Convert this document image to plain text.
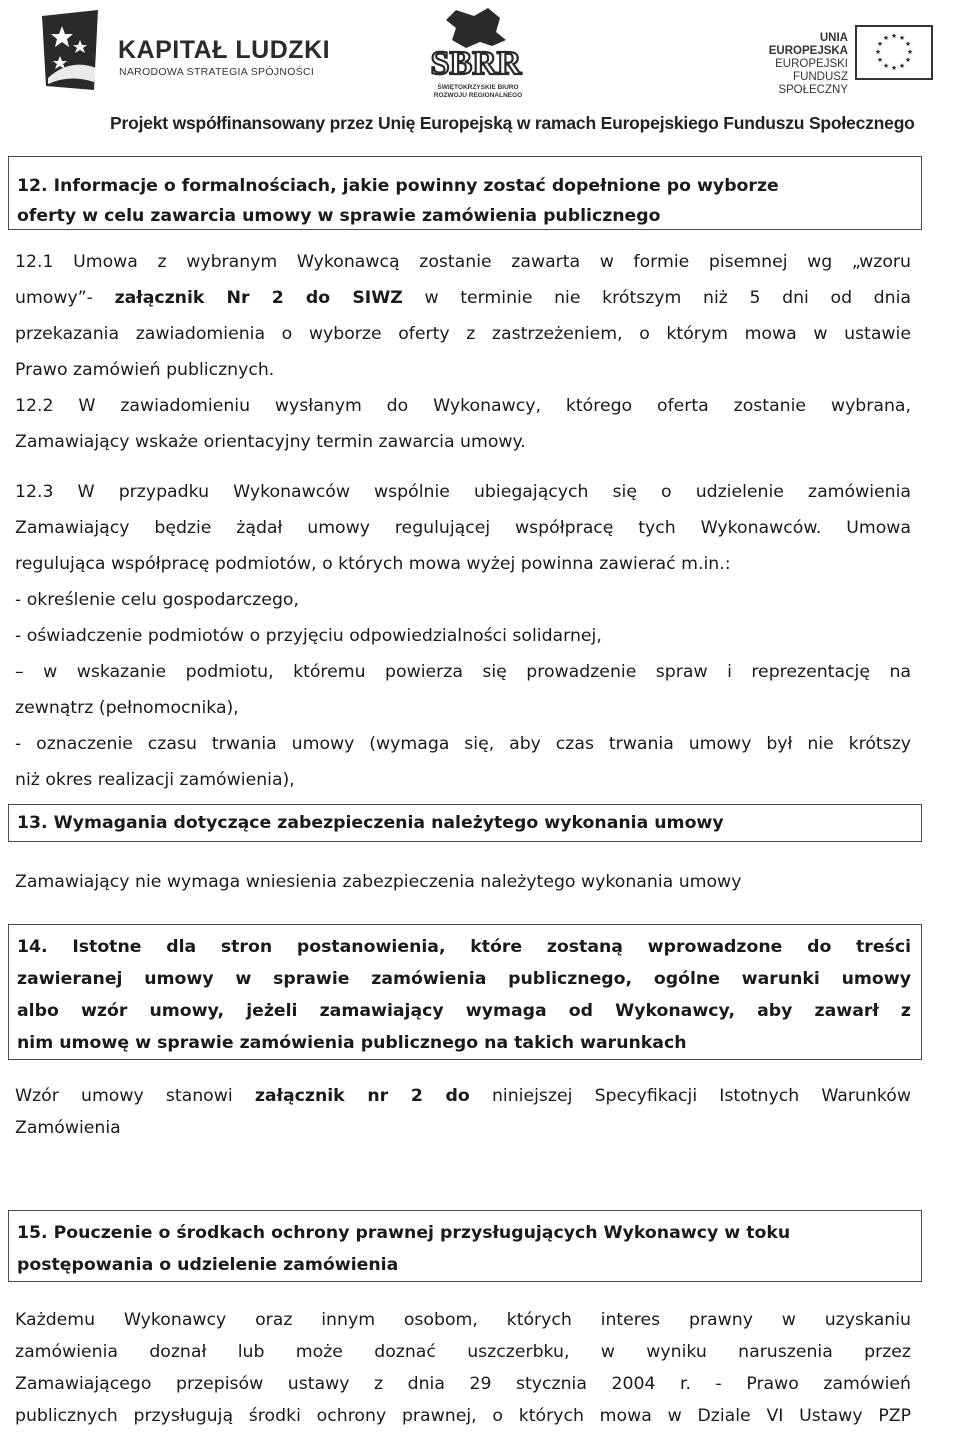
KAPITAŁ LUDZKI
NARODOWA STRATEGIA SPÓJNOŚCI	SBRR
ŚWIĘTOKRZYSKIE BIURO
ROZWOJU REGIONALNEGO
UNIA EUROPEJSKA
EUROPEJSKI
FUNDUSZ SPOŁECZNY
★ ★
★
★
★
★
★
★
★
★
★
★
Projekt współfinansowany przez Unię Europejską w ramach Europejskiego Funduszu Społecznego
12. Informacje o formalnościach, jakie powinny zostać dopełnione po wyborze
oferty w celu zawarcia umowy w sprawie zamówienia publicznego
12.1 Umowa z wybranym Wykonawcą zostanie zawarta w formie pisemnej wg „wzoru
umowy”- załącznik Nr 2 do SIWZ w terminie nie krótszym niż 5 dni od dnia
przekazania zawiadomienia o wyborze oferty z zastrzeżeniem, o którym mowa w ustawie
Prawo zamówień publicznych.
12.2 W zawiadomieniu wysłanym do Wykonawcy, którego oferta zostanie wybrana,
Zamawiający wskaże orientacyjny termin zawarcia umowy.
12.3 W przypadku Wykonawców wspólnie ubiegających się o udzielenie zamówienia
Zamawiający będzie żądał umowy regulującej współpracę tych Wykonawców. Umowa
regulująca współpracę podmiotów, o których mowa wyżej powinna zawierać m.in.:
- określenie celu gospodarczego,
- oświadczenie podmiotów o przyjęciu odpowiedzialności solidarnej,
– w wskazanie podmiotu, któremu powierza się prowadzenie spraw i reprezentację na
zewnątrz (pełnomocnika),
- oznaczenie czasu trwania umowy (wymaga się, aby czas trwania umowy był nie krótszy
niż okres realizacji zamówienia),
13. Wymagania dotyczące zabezpieczenia należytego wykonania umowy
Zamawiający nie wymaga wniesienia zabezpieczenia należytego wykonania umowy
14. Istotne dla stron postanowienia, które zostaną wprowadzone do treści
zawieranej umowy w sprawie zamówienia publicznego, ogólne warunki umowy
albo wzór umowy, jeżeli zamawiający wymaga od Wykonawcy, aby zawarł z
nim umowę w sprawie zamówienia publicznego na takich warunkach
Wzór umowy stanowi załącznik nr 2 do niniejszej Specyfikacji Istotnych Warunków
Zamówienia
15. Pouczenie o środkach ochrony prawnej przysługujących Wykonawcy w toku
postępowania o udzielenie zamówienia
Każdemu Wykonawcy oraz innym osobom, których interes prawny w uzyskaniu
zamówienia doznał lub może doznać uszczerbku, w wyniku naruszenia przez
Zamawiającego przepisów ustawy z dnia 29 stycznia 2004 r. - Prawo zamówień
publicznych przysługują środki ochrony prawnej, o których mowa w Dziale VI Ustawy PZP
